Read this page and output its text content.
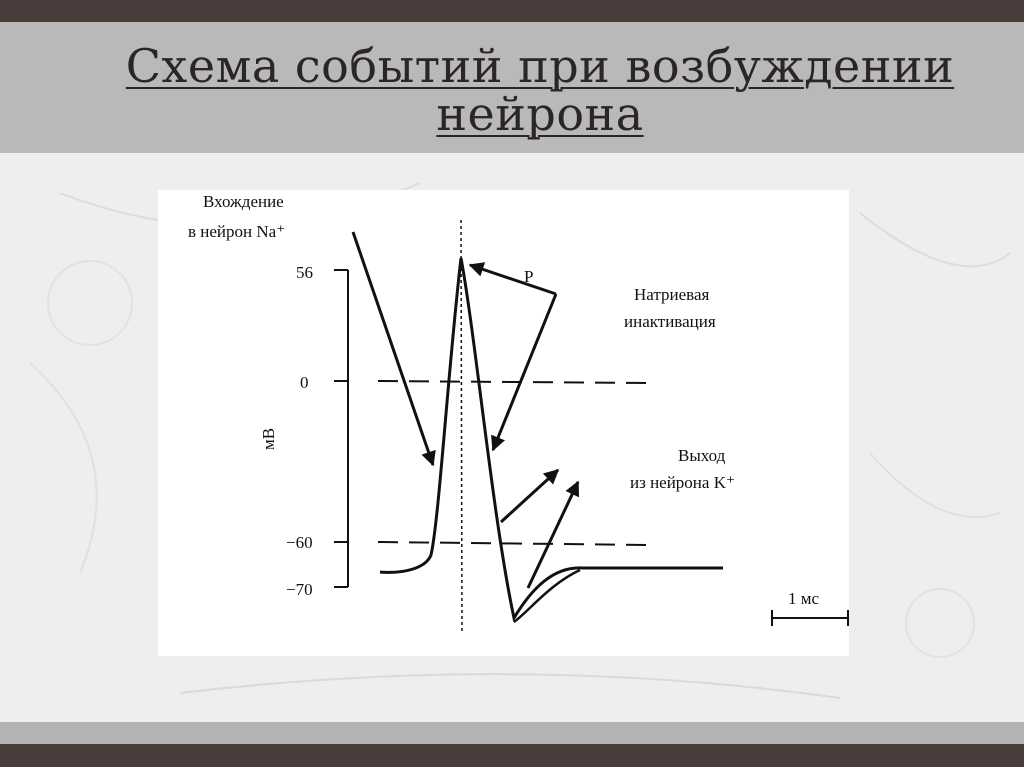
Схема событий при возбуждении
нейрона
Вхождение
в нейрон Na⁺
56
0
−60
−70
мВ
P
Натриевая
инактивация
Выход
из нейрона K⁺
1 мс
